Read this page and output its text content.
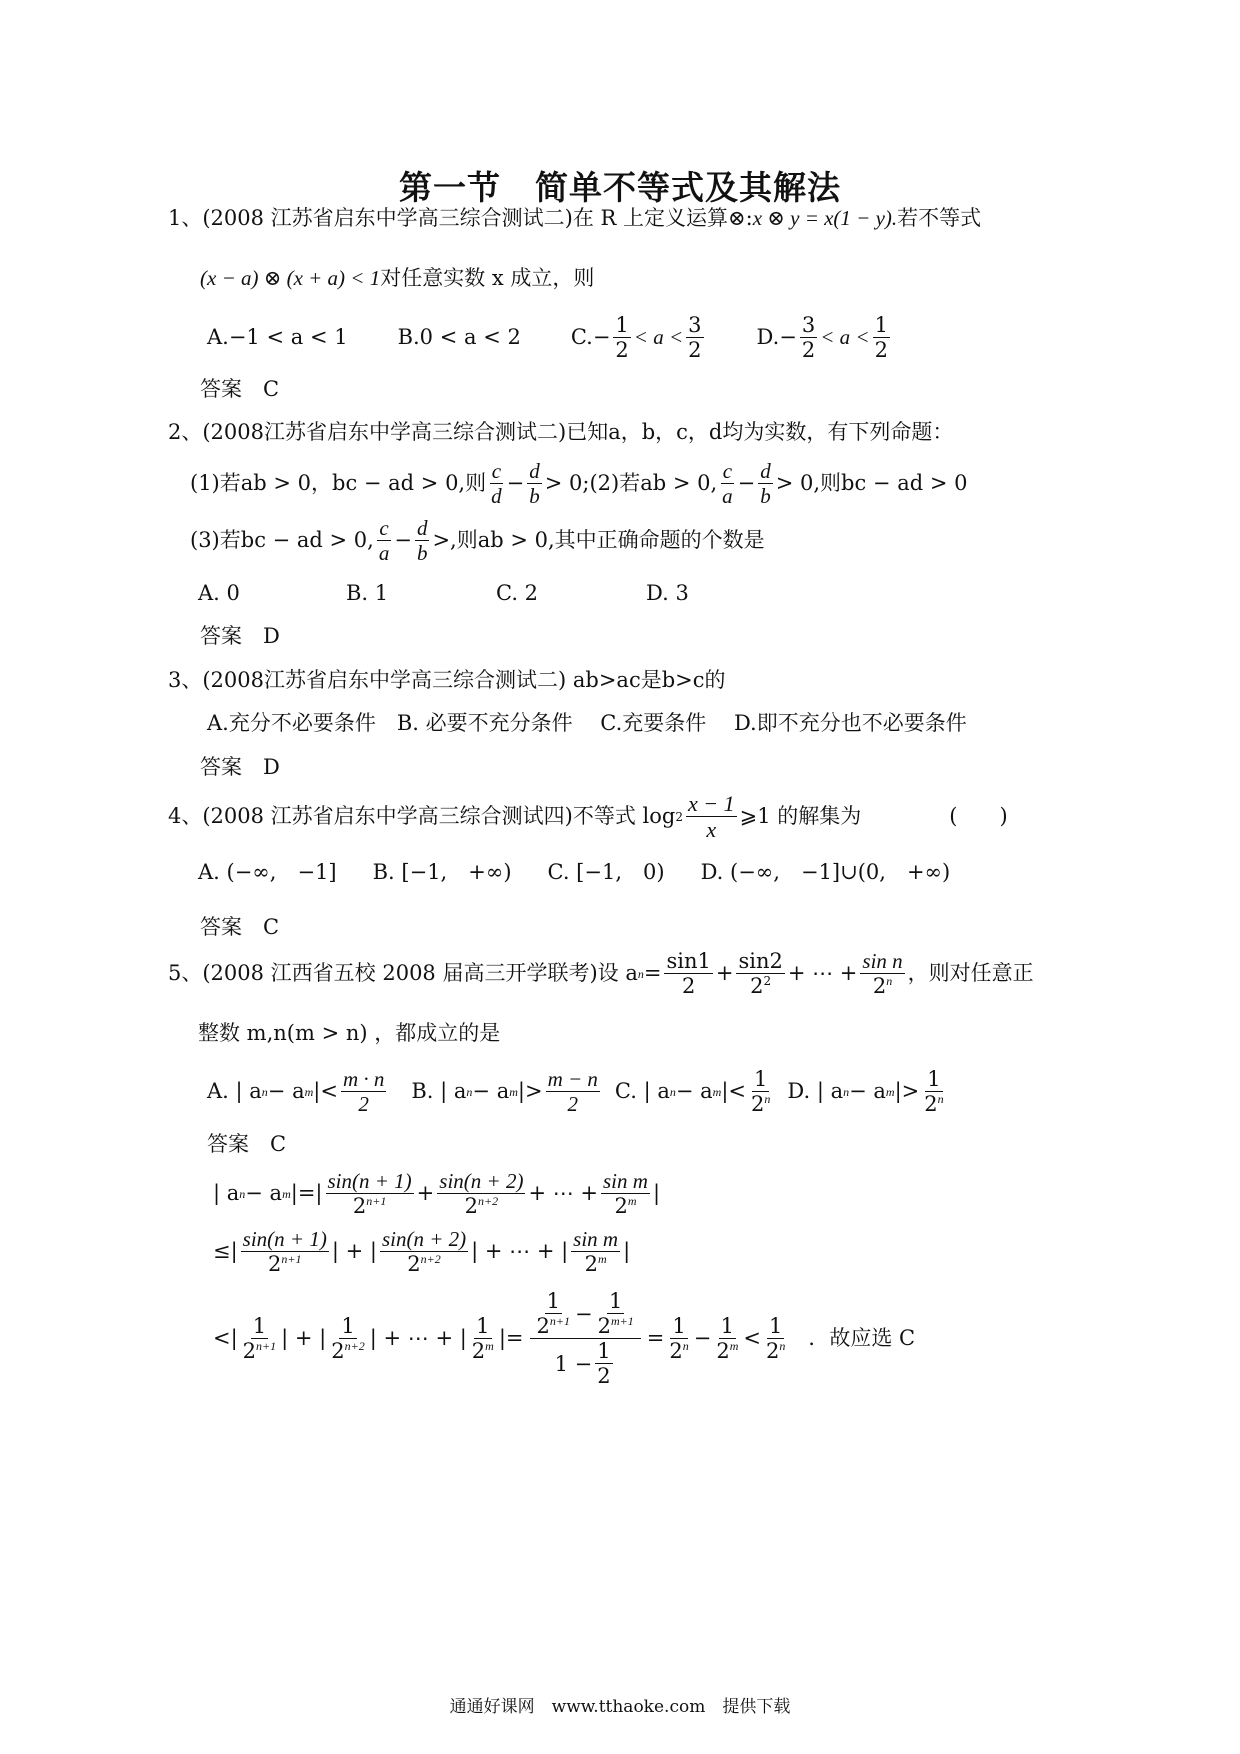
第一节　简单不等式及其解法
1、(2008 江苏省启东中学高三综合测试二)在 R 上定义运算⊗: x ⊗ y = x(1 − y). 若不等式
(x − a) ⊗ (x + a) < 1 对任意实数 x 成立，则
A.−1 < a < 1 B.0 < a < 2 $C.- \frac{1}{2} < a < \frac{3}{2}$	$D.- \frac{3}{2} < a < \frac{1}{2}$
答案　C
2、(2008江苏省启东中学高三综合测试二)已知a，b，c，d均为实数，有下列命题：
(1)若ab > 0，bc − ad > 0,则 $\frac{c}{d} - \frac{d}{b}$ > 0;(2)若ab > 0, $\frac{c}{a} - \frac{d}{b} > 0$,则bc − ad > 0
(3)若bc − ad > 0, $\frac{c}{a} - \frac{d}{b}$ >,则ab > 0,其中正确命题的个数是
A. 0	B. 1	C. 2	D. 3
答案　D
3、(2008江苏省启东中学高三综合测试二) ab>ac是b>c的
A.充分不必要条件　B. 必要不充分条件　 C.充要条件　 D.即不充分也不必要条件
答案　D
4、(2008 江苏省启东中学高三综合测试四)不等式 $\log 2 \frac{x - 1}{x}$ ⩾1 的解集为	(　　)
A. (−∞,　−1] B. [−1,　+∞) C. [−1,　0) D. (−∞,　−1]∪(0,　+∞)
答案　C
5、(2008 江西省五校 2008 届高三开学联考)设 a $n = \frac{\sin 1}{2} + \frac{\sin 2}{2^2}$ + ⋯ + $\frac{\text{sin n}}{2^n}$ ，则对任意正
整数 m,n(m > n) ，都成立的是
A. | a n − a m |< $\frac{m \cdot n}{2} B$. | a n − a m |> $\frac{m - n}{2} C$. | a n − a m |< $\frac{1}{2^n} D$. | a n − a m |> $\frac{1}{2^n}$
答案　C
| a n − a m |=| $\frac{\sin(n + 1)}{2^{n+1}} + \frac{\sin(n + 2)}{2^{n+2}}$ + ⋯ + $\frac{\text{sin m}}{2^m}$ |
≤| $\frac{\sin(n + 1)}{2^{n+1}}$ | + | $\frac{\sin(n + 2)}{2^{n+2}}$ | + ⋯ + | $\frac{\text{sin m}}{2^m}$ |
<| $\frac{1}{2^{n+1}}$ | + | $\frac{1}{2^{n+2}}$ | + ⋯ + | $\frac{1}{2^m}$ |= $\frac{\frac{1}{2^{n+1}} - \frac{1}{2^{m+1}}}{1 - \frac{1}{2}} = \frac{1}{2^n} - \frac{1}{2^m} < \frac{1}{2^n}$ ．故应选 C
通通好课网　www.tthaoke.com　提供下载
